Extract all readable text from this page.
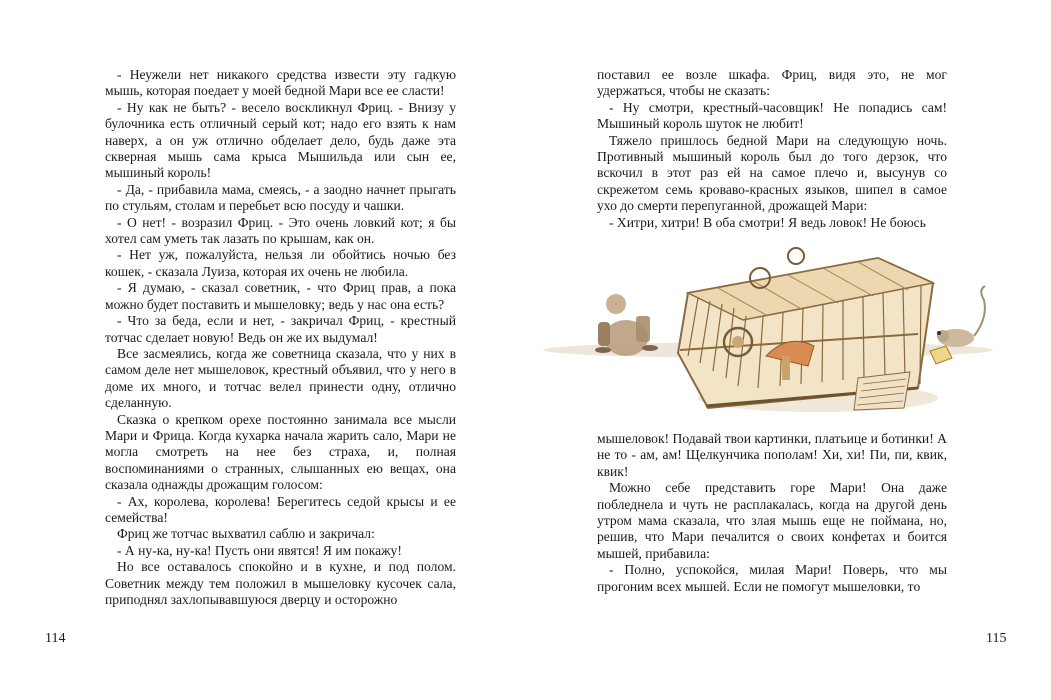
- Неужели нет никакого средства извести эту гадкую мышь, которая поедает у моей бедной Мари все ее сласти!

- Ну как не быть? - весело воскликнул Фриц. - Внизу у булочника есть отличный серый кот; надо его взять к нам наверх, а он уж отлично обделает дело, будь даже эта скверная мышь сама крыса Мышильда или сын ее, мышиный король!

- Да, - прибавила мама, смеясь, - а заодно начнет прыгать по стульям, столам и перебьет всю посуду и чашки.

- О нет! - возразил Фриц. - Это очень ловкий кот; я бы хотел сам уметь так лазать по крышам, как он.

- Нет уж, пожалуйста, нельзя ли обойтись ночью без кошек, - сказала Луиза, которая их очень не любила.

- Я думаю, - сказал советник, - что Фриц прав, а пока можно будет поставить и мышеловку; ведь у нас она есть?

- Что за беда, если и нет, - закричал Фриц, - крестный тотчас сделает новую! Ведь он же их выдумал!

Все засмеялись, когда же советница сказала, что у них в самом деле нет мышеловок, крестный объявил, что у него в доме их много, и тотчас велел принести одну, отлично сделанную.

Сказка о крепком орехе постоянно занимала все мысли Мари и Фрица. Когда кухарка начала жарить сало, Мари не могла смотреть на нее без страха, и, полная воспоминаниями о странных, слышанных ею вещах, она сказала однажды дрожащим голосом:

- Ах, королева, королева! Берегитесь седой крысы и ее семейства!

Фриц же тотчас выхватил саблю и закричал:

- А ну-ка, ну-ка! Пусть они явятся! Я им покажу!

Но все оставалось спокойно и в кухне, и под полом. Советник между тем положил в мышеловку кусочек сала, приподнял захлопывавшуюся дверцу и осторожно

114

поставил ее возле шкафа. Фриц, видя это, не мог удержаться, чтобы не сказать:

- Ну смотри, крестный-часовщик! Не попадись сам! Мышиный король шуток не любит!

Тяжело пришлось бедной Мари на следующую ночь. Противный мышиный король был до того дерзок, что вскочил в этот раз ей на самое плечо и, высунув со скрежетом семь кроваво-красных языков, шипел в самое ухо до смерти перепуганной, дрожащей Мари:

- Хитри, хитри! В оба смотри! Я ведь ловок! Не боюсь

мышеловок! Подавай твои картинки, платьице и ботинки! А не то - ам, ам! Щелкунчика пополам! Хи, хи! Пи, пи, квик, квик!

Можно себе представить горе Мари! Она даже побледнела и чуть не расплакалась, когда на другой день утром мама сказала, что злая мышь еще не поймана, но, решив, что Мари печалится о своих конфетах и боится мышей, прибавила:

- Полно, успокойся, милая Мари! Поверь, что мы прогоним всех мышей. Если не помогут мышеловки, то

115
